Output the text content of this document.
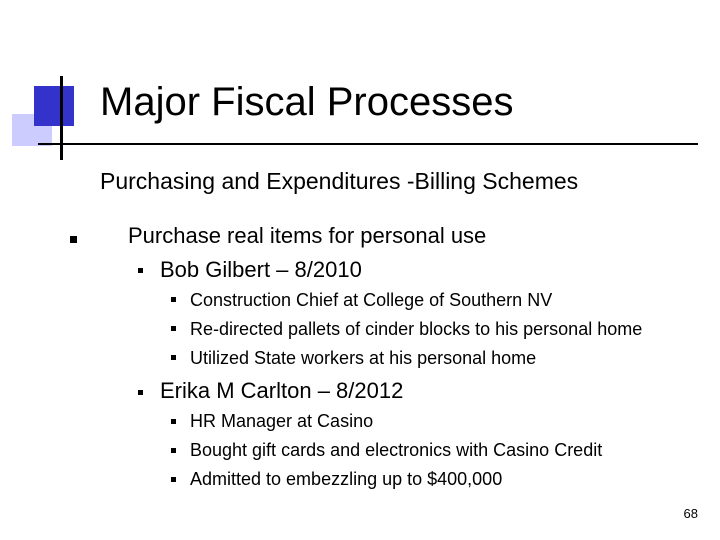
Major Fiscal Processes
Purchasing and Expenditures -Billing Schemes
Purchase real items for personal use
Bob Gilbert – 8/2010
Construction Chief at College of Southern NV
Re-directed pallets of cinder blocks to his personal home
Utilized State workers at his personal home
Erika M Carlton – 8/2012
HR Manager at Casino
Bought gift cards and electronics with Casino Credit
Admitted to embezzling up to $400,000
68
